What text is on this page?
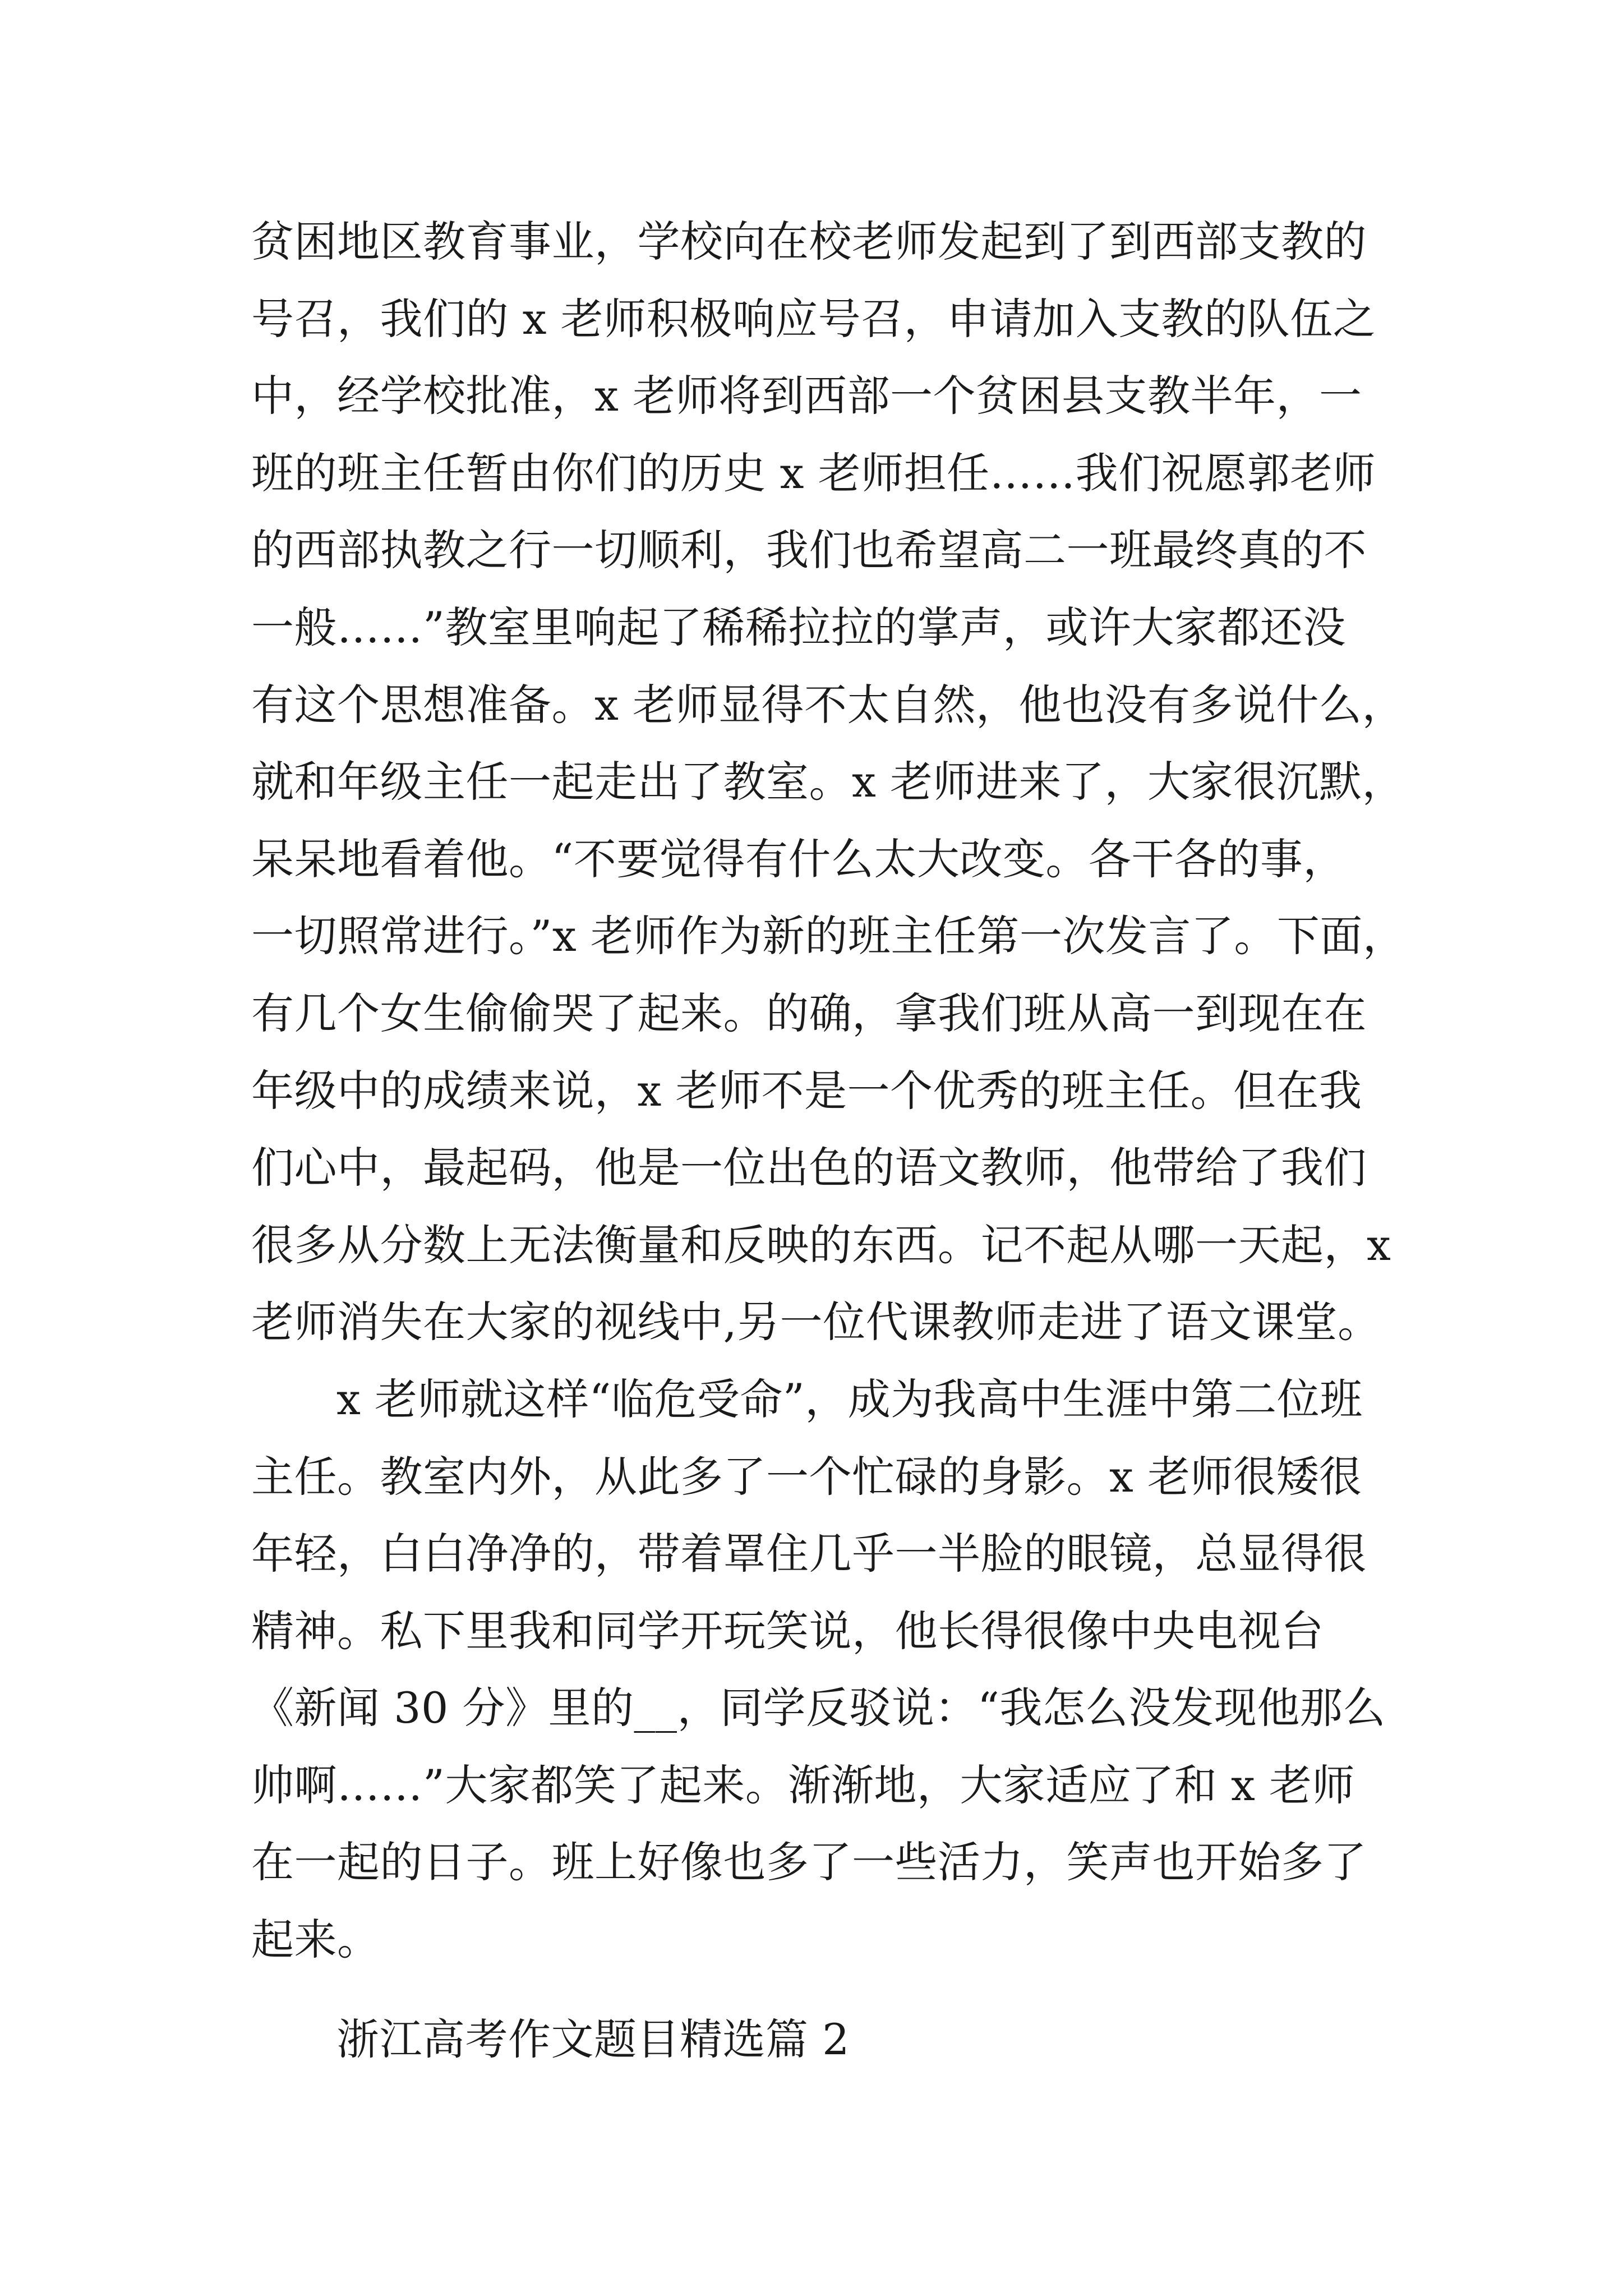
贫困地区教育事业，学校向在校老师发起到了到西部支教的
号召，我们的 x 老师积极响应号召，申请加入支教的队伍之
中，经学校批准，x 老师将到西部一个贫困县支教半年，一
班的班主任暂由你们的历史 x 老师担任……我们祝愿郭老师
的西部执教之行一切顺利，我们也希望高二一班最终真的不
一般……”教室里响起了稀稀拉拉的掌声，或许大家都还没
有这个思想准备。x 老师显得不太自然，他也没有多说什么，
就和年级主任一起走出了教室。x 老师进来了，大家很沉默，
呆呆地看着他。“不要觉得有什么太大改变。各干各的事，
一切照常进行。”x 老师作为新的班主任第一次发言了。下面，
有几个女生偷偷哭了起来。的确，拿我们班从高一到现在在
年级中的成绩来说，x 老师不是一个优秀的班主任。但在我
们心中，最起码，他是一位出色的语文教师，他带给了我们
很多从分数上无法衡量和反映的东西。记不起从哪一天起，x
老师消失在大家的视线中,另一位代课教师走进了语文课堂。
x 老师就这样“临危受命”，成为我高中生涯中第二位班
主任。教室内外，从此多了一个忙碌的身影。x 老师很矮很
年轻，白白净净的，带着罩住几乎一半脸的眼镜，总显得很
精神。私下里我和同学开玩笑说，他长得很像中央电视台
《新闻 30 分》里的__，同学反驳说：“我怎么没发现他那么
帅啊……”大家都笑了起来。渐渐地，大家适应了和 x 老师
在一起的日子。班上好像也多了一些活力，笑声也开始多了
起来。
浙江高考作文题目精选篇 2
